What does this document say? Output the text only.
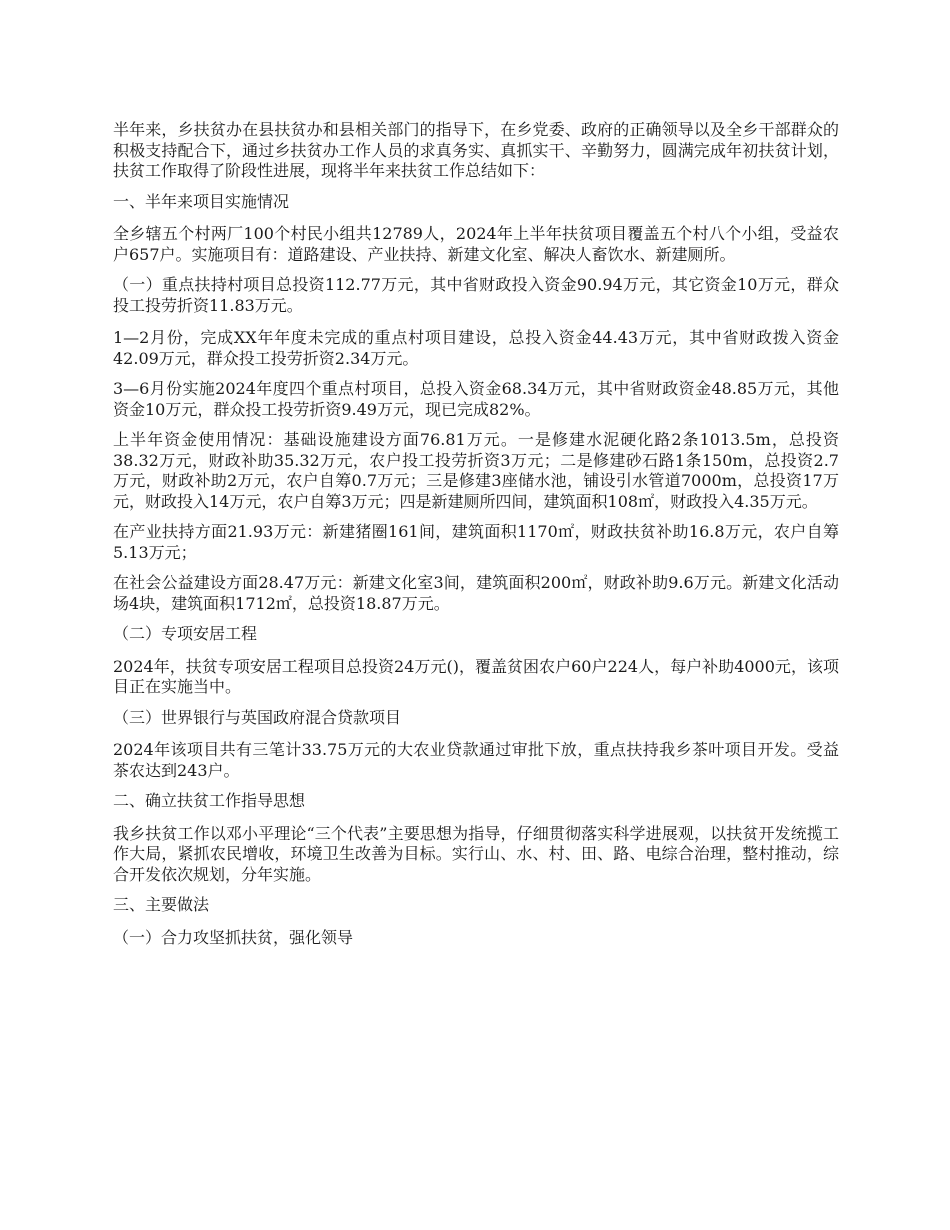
半年来，乡扶贫办在县扶贫办和县相关部门的指导下，在乡党委、政府的正确领导以及全乡干部群众的积极支持配合下，通过乡扶贫办工作人员的求真务实、真抓实干、辛勤努力，圆满完成年初扶贫计划，扶贫工作取得了阶段性进展，现将半年来扶贫工作总结如下：

一、半年来项目实施情况

全乡辖五个村两厂100个村民小组共12789人，2024年上半年扶贫项目覆盖五个村八个小组，受益农户657户。实施项目有：道路建设、产业扶持、新建文化室、解决人畜饮水、新建厕所。

（一）重点扶持村项目总投资112.77万元，其中省财政投入资金90.94万元，其它资金10万元，群众投工投劳折资11.83万元。

1—2月份，完成XX年年度未完成的重点村项目建设，总投入资金44.43万元，其中省财政拨入资金42.09万元，群众投工投劳折资2.34万元。

3—6月份实施2024年度四个重点村项目，总投入资金68.34万元，其中省财政资金48.85万元，其他资金10万元，群众投工投劳折资9.49万元，现已完成82%。

上半年资金使用情况：基础设施建设方面76.81万元。一是修建水泥硬化路2条1013.5m，总投资38.32万元，财政补助35.32万元，农户投工投劳折资3万元；二是修建砂石路1条150m，总投资2.7万元，财政补助2万元，农户自筹0.7万元；三是修建3座储水池，铺设引水管道7000m，总投资17万元，财政投入14万元，农户自筹3万元；四是新建厕所四间，建筑面积108㎡，财政投入4.35万元。

在产业扶持方面21.93万元：新建猪圈161间，建筑面积1170㎡，财政扶贫补助16.8万元，农户自筹5.13万元；

在社会公益建设方面28.47万元：新建文化室3间，建筑面积200㎡，财政补助9.6万元。新建文化活动场4块，建筑面积1712㎡，总投资18.87万元。

（二）专项安居工程

2024年，扶贫专项安居工程项目总投资24万元()，覆盖贫困农户60户224人，每户补助4000元，该项目正在实施当中。

（三）世界银行与英国政府混合贷款项目

2024年该项目共有三笔计33.75万元的大农业贷款通过审批下放，重点扶持我乡茶叶项目开发。受益茶农达到243户。

二、确立扶贫工作指导思想

我乡扶贫工作以邓小平理论“三个代表”主要思想为指导，仔细贯彻落实科学进展观，以扶贫开发统揽工作大局，紧抓农民增收，环境卫生改善为目标。实行山、水、村、田、路、电综合治理，整村推动，综合开发依次规划，分年实施。

三、主要做法

（一）合力攻坚抓扶贫，强化领导
